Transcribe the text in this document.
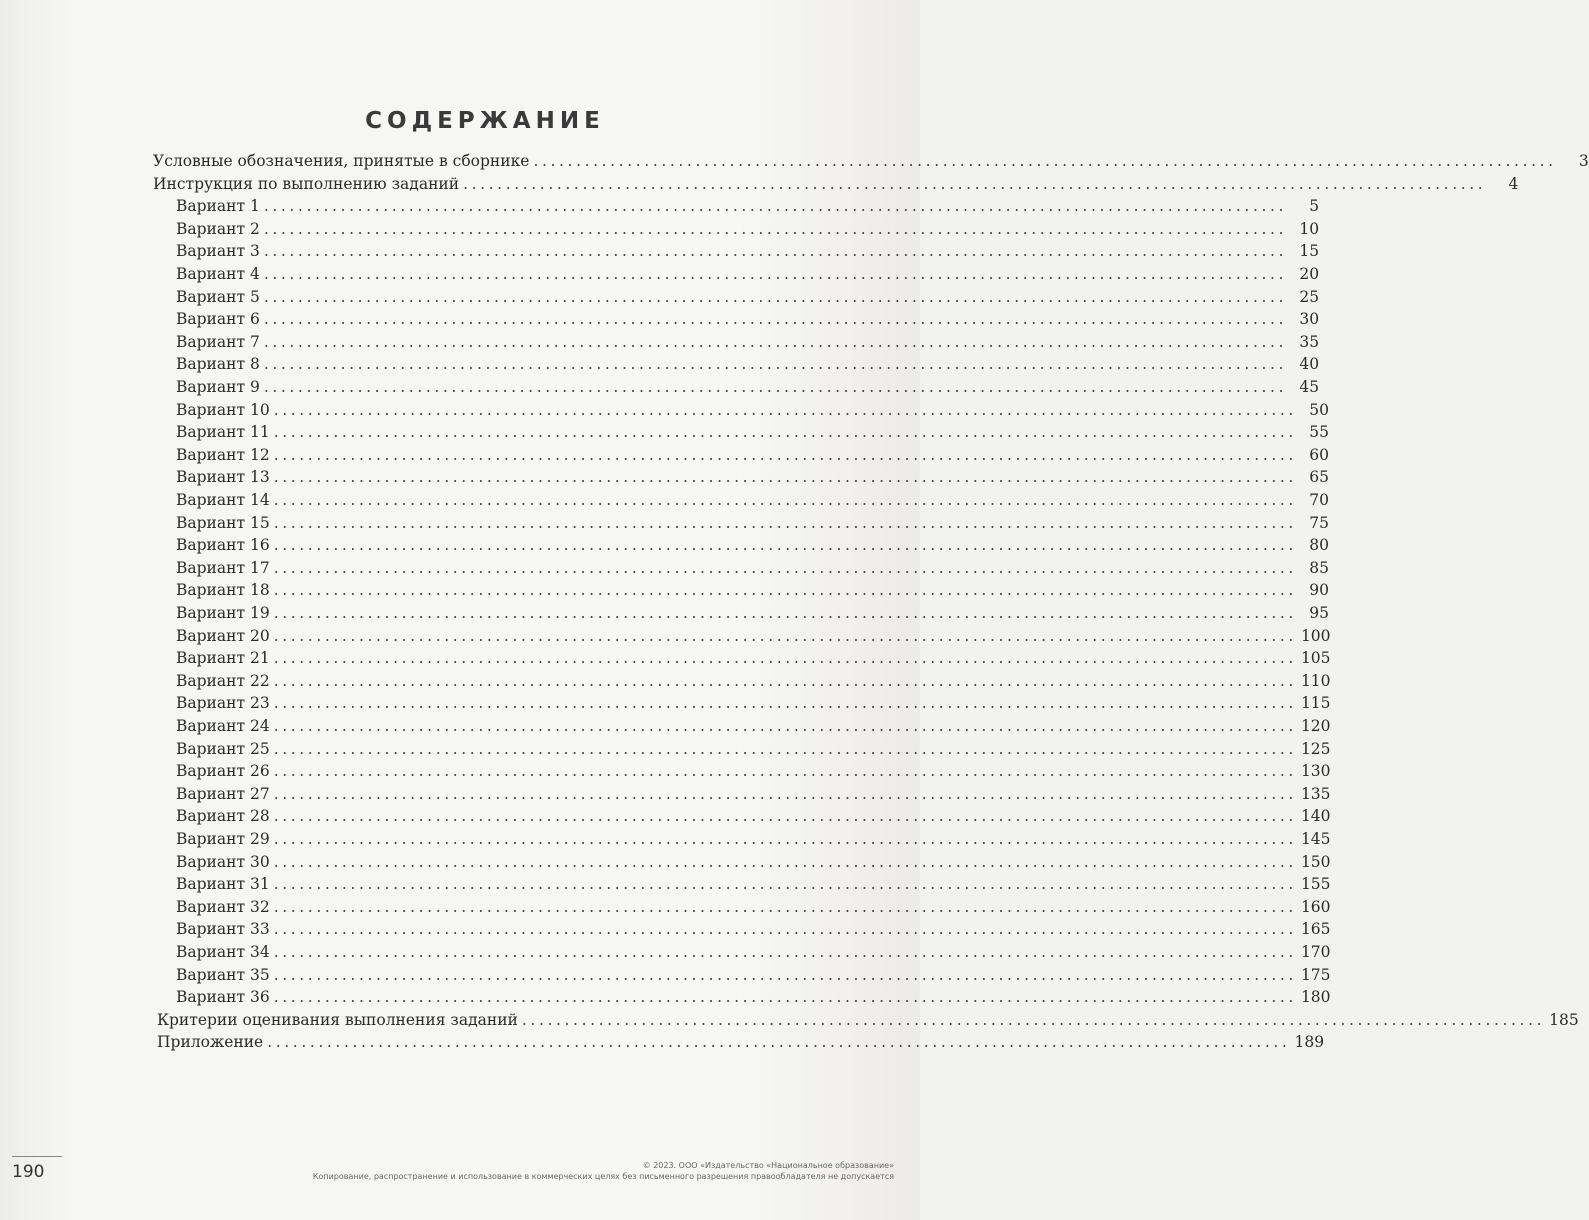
СОДЕРЖАНИЕ
Условные обозначения, принятые в сборнике ........................................................................................................................	3
Инструкция по выполнению заданий ........................................................................................................................	4
Вариант 1 ........................................................................................................................	5
Вариант 2 ........................................................................................................................ 10
Вариант 3 ........................................................................................................................ 15
Вариант 4 ........................................................................................................................ 20
Вариант 5 ........................................................................................................................ 25
Вариант 6 ........................................................................................................................ 30
Вариант 7 ........................................................................................................................ 35
Вариант 8 ........................................................................................................................ 40
Вариант 9 ........................................................................................................................ 45
Вариант 10 ........................................................................................................................ 50
Вариант 11 ........................................................................................................................ 55
Вариант 12 ........................................................................................................................ 60
Вариант 13 ........................................................................................................................ 65
Вариант 14 ........................................................................................................................ 70
Вариант 15 ........................................................................................................................ 75
Вариант 16 ........................................................................................................................ 80
Вариант 17 ........................................................................................................................ 85
Вариант 18 ........................................................................................................................ 90
Вариант 19 ........................................................................................................................ 95
Вариант 20 ........................................................................................................................ 100
Вариант 21 ........................................................................................................................ 105
Вариант 22 ........................................................................................................................ 110
Вариант 23 ........................................................................................................................ 115
Вариант 24 ........................................................................................................................ 120
Вариант 25 ........................................................................................................................ 125
Вариант 26 ........................................................................................................................ 130
Вариант 27 ........................................................................................................................ 135
Вариант 28 ........................................................................................................................ 140
Вариант 29 ........................................................................................................................ 145
Вариант 30 ........................................................................................................................ 150
Вариант 31 ........................................................................................................................ 155
Вариант 32 ........................................................................................................................ 160
Вариант 33 ........................................................................................................................ 165
Вариант 34 ........................................................................................................................ 170
Вариант 35 ........................................................................................................................ 175
Вариант 36 ........................................................................................................................ 180
Критерии оценивания выполнения заданий ........................................................................................................................ 185
Приложение ........................................................................................................................ 189
190	© 2023. ООО «Издательство «Национальное образование»
Копирование, распространение и использование в коммерческих целях без письменного разрешения правообладателя не допускается
